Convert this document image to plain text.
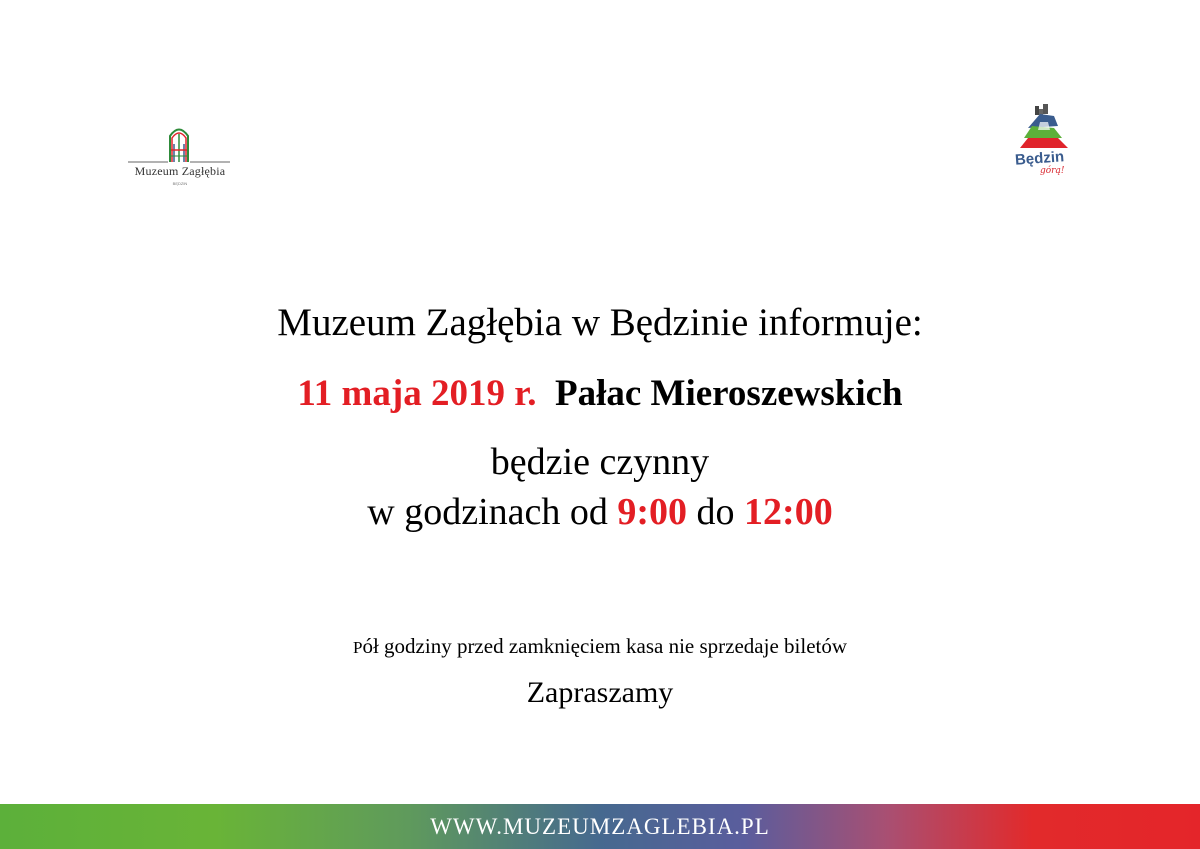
Muzeum Zagłębia
BĘDZIN
Będzin
górą!
Muzeum Zagłębia w Będzinie informuje:
11 maja 2019 r. Pałac Mieroszewskich
będzie czynny
w godzinach od 9:00 do 12:00
Pół godziny przed zamknięciem kasa nie sprzedaje biletów
Zapraszamy
WWW.MUZEUMZAGLEBIA.PL
